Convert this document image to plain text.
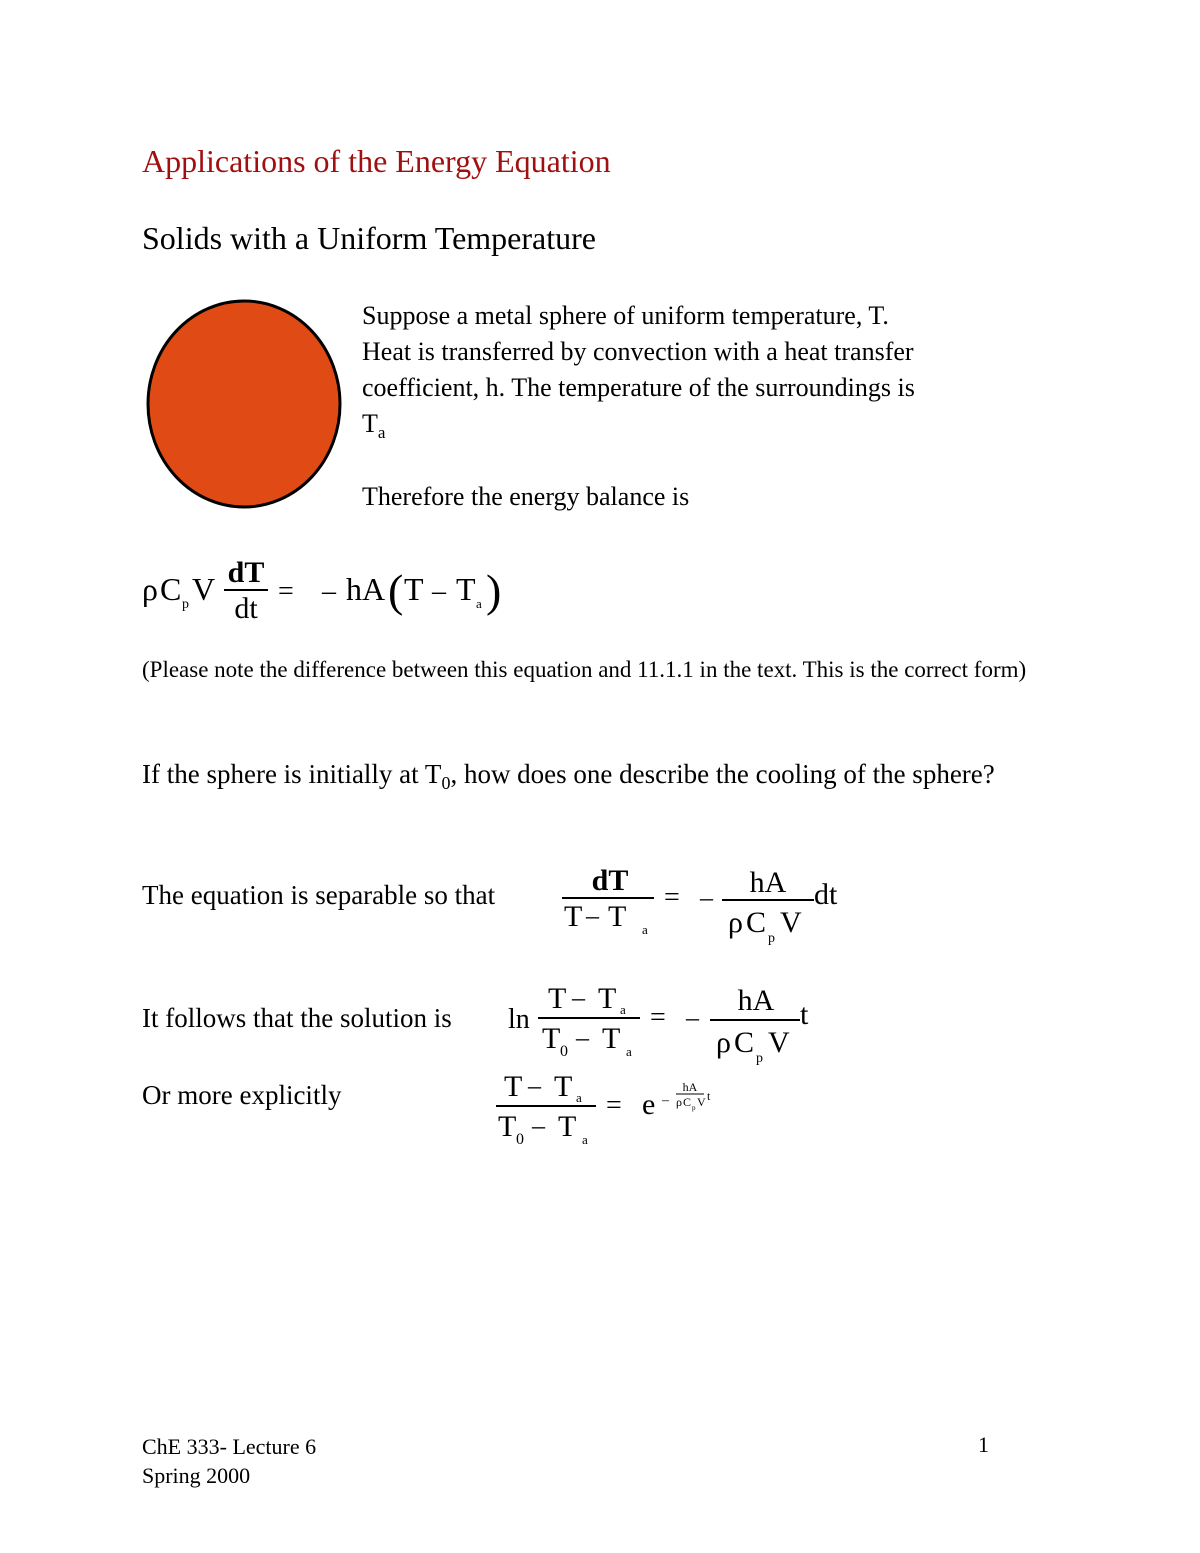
Applications of the Energy Equation
Solids with a Uniform Temperature
Suppose a metal sphere of uniform temperature, T.
Heat is transferred by convection with a heat transfer
coefficient, h. The temperature of the surroundings is
$T_a$
Therefore the energy balance is
ρ C p V dT
dt
= – hA ( T – T a )
(Please note the difference between this equation and 11.1.1 in the text. This is the correct form)
If the sphere is initially at $T_0$, how does one describe the cooling of the sphere?
The equation is separable so that	dT
T – T a
= – hA
ρ C p V
dt
It follows that the solution is ln
T – T a
T 0 – T a
= –
hA
ρ C p V
t
Or more explicitly	T – T a
T 0 – T a
= e –
hA
ρ C p V t
ChE 333- Lecture 6
Spring 2000
1
